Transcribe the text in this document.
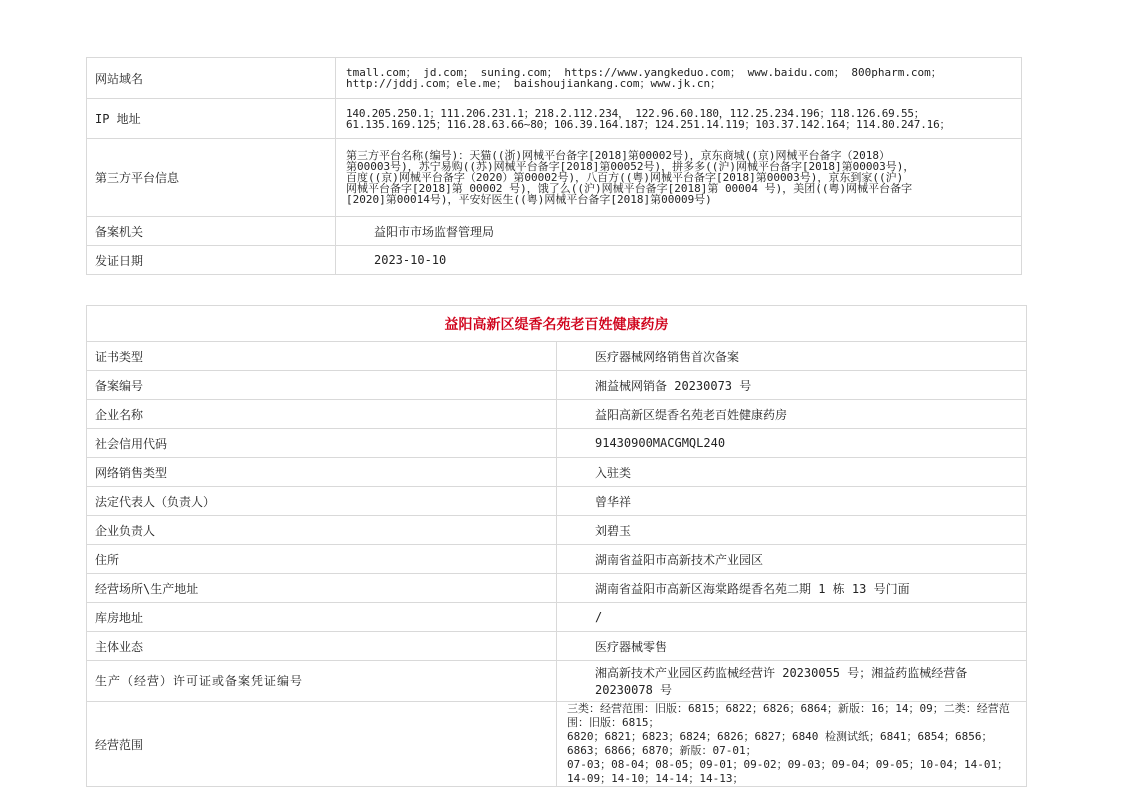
网站域名	tmall.com； jd.com； suning.com； https://www.yangkeduo.com； www.baidu.com； 800pharm.com；
http://jddj.com；ele.me； baishoujiankang.com；www.jk.cn；

IP 地址	140.205.250.1；111.206.231.1；218.2.112.234， 122.96.60.180，112.25.234.196；118.126.69.55；
61.135.169.125；116.28.63.66~80；106.39.164.187；124.251.14.119；103.37.142.164；114.80.247.16；

第三方平台信息	第三方平台名称(编号)：天猫((浙)网械平台备字[2018]第00002号)，京东商城((京)网械平台备字（2018）
第00003号)，苏宁易购((苏)网械平台备字[2018]第00052号)，拼多多((沪)网械平台备字[2018]第00003号)，
百度((京)网械平台备字（2020）第00002号)，八百方((粤)网械平台备字[2018]第00003号)，京东到家((沪)
网械平台备字[2018]第 00002 号)，饿了么((沪)网械平台备字[2018]第 00004 号)，美团((粤)网械平台备字
[2020]第00014号)，平安好医生((粤)网械平台备字[2018]第00009号)

备案机关	益阳市市场监督管理局
发证日期	2023-10-10
益阳高新区缇香名苑老百姓健康药房	
证书类型	医疗器械网络销售首次备案
备案编号	湘益械网销备 20230073 号
企业名称	益阳高新区缇香名苑老百姓健康药房
社会信用代码	91430900MACGMQL240
网络销售类型	入驻类
法定代表人（负责人）	曾华祥
企业负责人	刘碧玉
住所	湖南省益阳市高新技术产业园区
经营场所\生产地址	湖南省益阳市高新区海棠路缇香名苑二期 1 栋 13 号门面
库房地址	/
主体业态	医疗器械零售
生产（经营）许可证或备案凭证编号	湘高新技术产业园区药监械经营许 20230055 号；湘益药监械经营备 20230078 号
经营范围	三类：经营范围：旧版：6815；6822；6826；6864；新版：16；14；09；二类：经营范围：旧版：6815；
6820；6821；6823；6824；6826；6827；6840 检测试纸；6841；6854；6856；6863；6866；6870；新版：07-01；
07-03；08-04；08-05；09-01；09-02；09-03；09-04；09-05；10-04；14-01；14-09；14-10；14-14；14-13；
